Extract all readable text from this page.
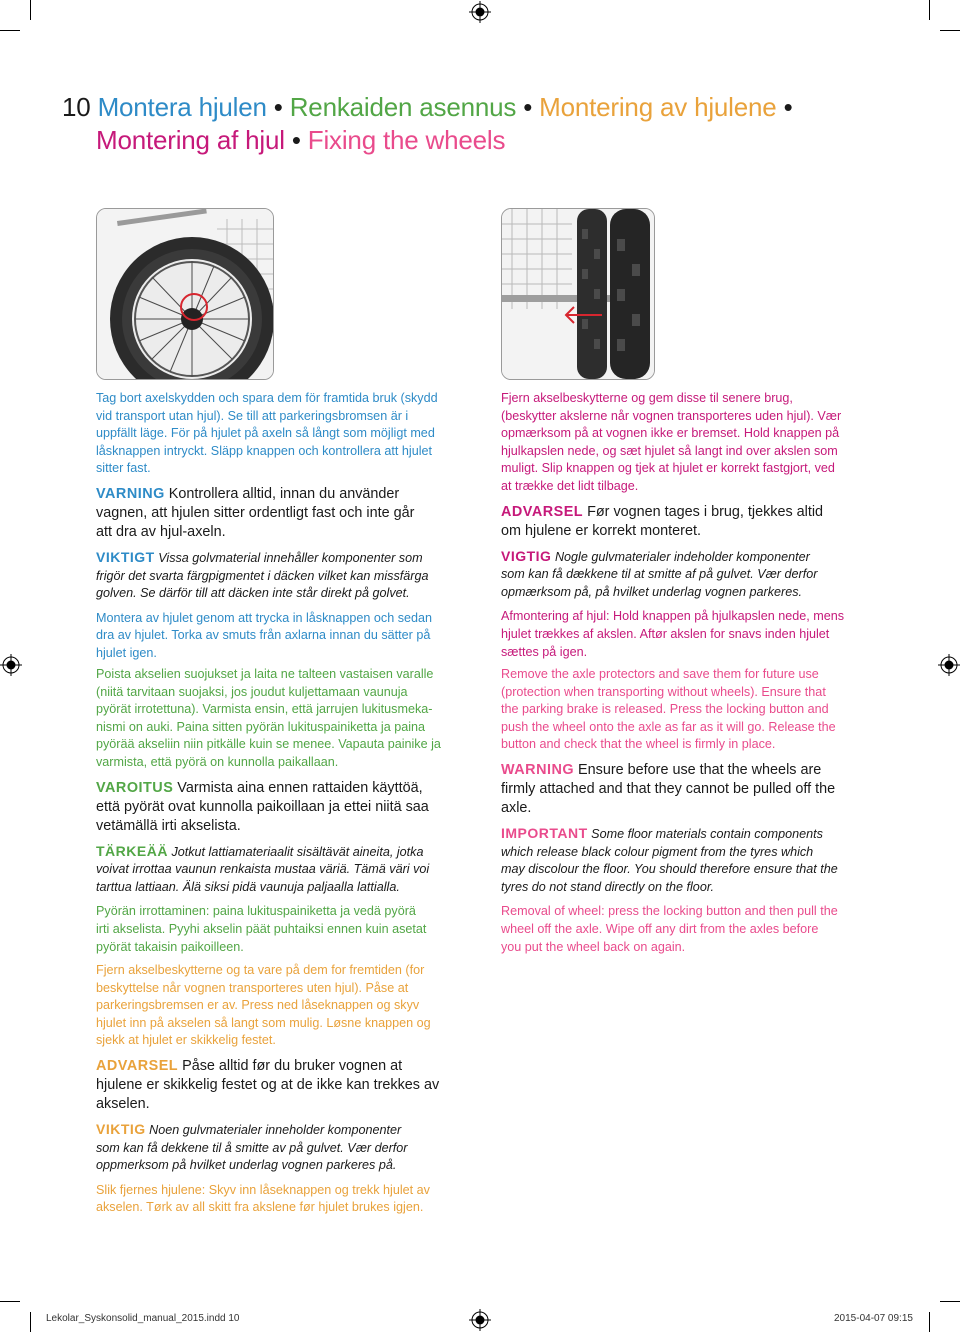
10 Montera hjulen • Renkaiden asennus • Montering av hjulene •
Montering af hjul • Fixing the wheels

Tag bort axelskydden och spara dem för framtida bruk (skydd

vid transport utan hjul). Se till att parkeringsbromsen är i

uppfällt läge. För på hjulet på axeln så långt som möjligt med

låsknappen intryckt. Släpp knappen och kontrollera att hjulet

sitter fast.

VARNING Kontrollera alltid, innan du använder

vagnen, att hjulen sitter ordentligt fast och inte går

att dra av hjul-axeln.

VIKTIGT Vissa golvmaterial innehåller komponenter som

frigör det svarta färgpigmentet i däcken vilket kan missfärga

golven. Se därför till att däcken inte står direkt på golvet.

Montera av hjulet genom att trycka in låsknappen och sedan

dra av hjulet. Torka av smuts från axlarna innan du sätter på

hjulet igen.

Fjern akselbeskytterne og gem disse til senere brug,

(beskytter akslerne når vognen transporteres uden hjul). Vær

opmærksom på at vognen ikke er bremset. Hold knappen på

hjulkapslen nede, og sæt hjulet så langt ind over akslen som

muligt. Slip knappen og tjek at hjulet er korrekt fastgjort, ved

at trække det lidt tilbage.

ADVARSEL Før vognen tages i brug, tjekkes altid

om hjulene er korrekt monteret.

VIGTIG Nogle gulvmaterialer indeholder komponenter

som kan få dækkene til at smitte af på gulvet. Vær derfor

opmærksom på, på hvilket underlag vognen parkeres.

Afmontering af hjul: Hold knappen på hjulkapslen nede, mens

hjulet trækkes af akslen. Aftør akslen for snavs inden hjulet

sættes på igen.

Poista akselien suojukset ja laita ne talteen vastaisen varalle

(niitä tarvitaan suojaksi, jos joudut kuljettamaan vaunuja

pyörät irrotettuna). Varmista ensin, että jarrujen lukitusmeka-

nismi on auki. Paina sitten pyörän lukituspainiketta ja paina

pyörää akseliin niin pitkälle kuin se menee. Vapauta painike ja

varmista, että pyörä on kunnolla paikallaan.

VAROITUS Varmista aina ennen rattaiden käyttöä,

että pyörät ovat kunnolla paikoillaan ja ettei niitä saa

vetämällä irti akselista.

TÄRKEÄÄ Jotkut lattiamateriaalit sisältävät aineita, jotka

voivat irrottaa vaunun renkaista mustaa väriä. Tämä väri voi

tarttua lattiaan. Älä siksi pidä vaunuja paljaalla lattialla.

Pyörän irrottaminen: paina lukituspainiketta ja vedä pyörä

irti akselista. Pyyhi akselin päät puhtaiksi ennen kuin asetat

pyörät takaisin paikoilleen.

Remove the axle protectors and save them for future use

(protection when transporting without wheels). Ensure that

the parking brake is released. Press the locking button and

push the wheel onto the axle as far as it will go. Release the

button and check that the wheel is firmly in place.

WARNING Ensure before use that the wheels are

firmly attached and that they cannot be pulled off the

axle.

IMPORTANT Some floor materials contain components

which release black colour pigment from the tyres which

may discolour the floor. You should therefore ensure that the

tyres do not stand directly on the floor.

Removal of wheel: press the locking button and then pull the

wheel off the axle. Wipe off any dirt from the axles before

you put the wheel back on again.

Fjern akselbeskytterne og ta vare på dem for fremtiden (for

beskyttelse når vognen transporteres uten hjul). Påse at

parkeringsbremsen er av. Press ned låseknappen og skyv

hjulet inn på akselen så langt som mulig. Løsne knappen og

sjekk at hjulet er skikkelig festet.

ADVARSEL Påse alltid før du bruker vognen at

hjulene er skikkelig festet og at de ikke kan trekkes av

akselen.

VIKTIG Noen gulvmaterialer inneholder komponenter

som kan få dekkene til å smitte av på gulvet. Vær derfor

oppmerksom på hvilket underlag vognen parkeres på.

Slik fjernes hjulene: Skyv inn låseknappen og trekk hjulet av

akselen. Tørk av all skitt fra akslene før hjulet brukes igjen.

Lekolar_Syskonsolid_manual_2015.indd 10	2015-04-07 09:15
